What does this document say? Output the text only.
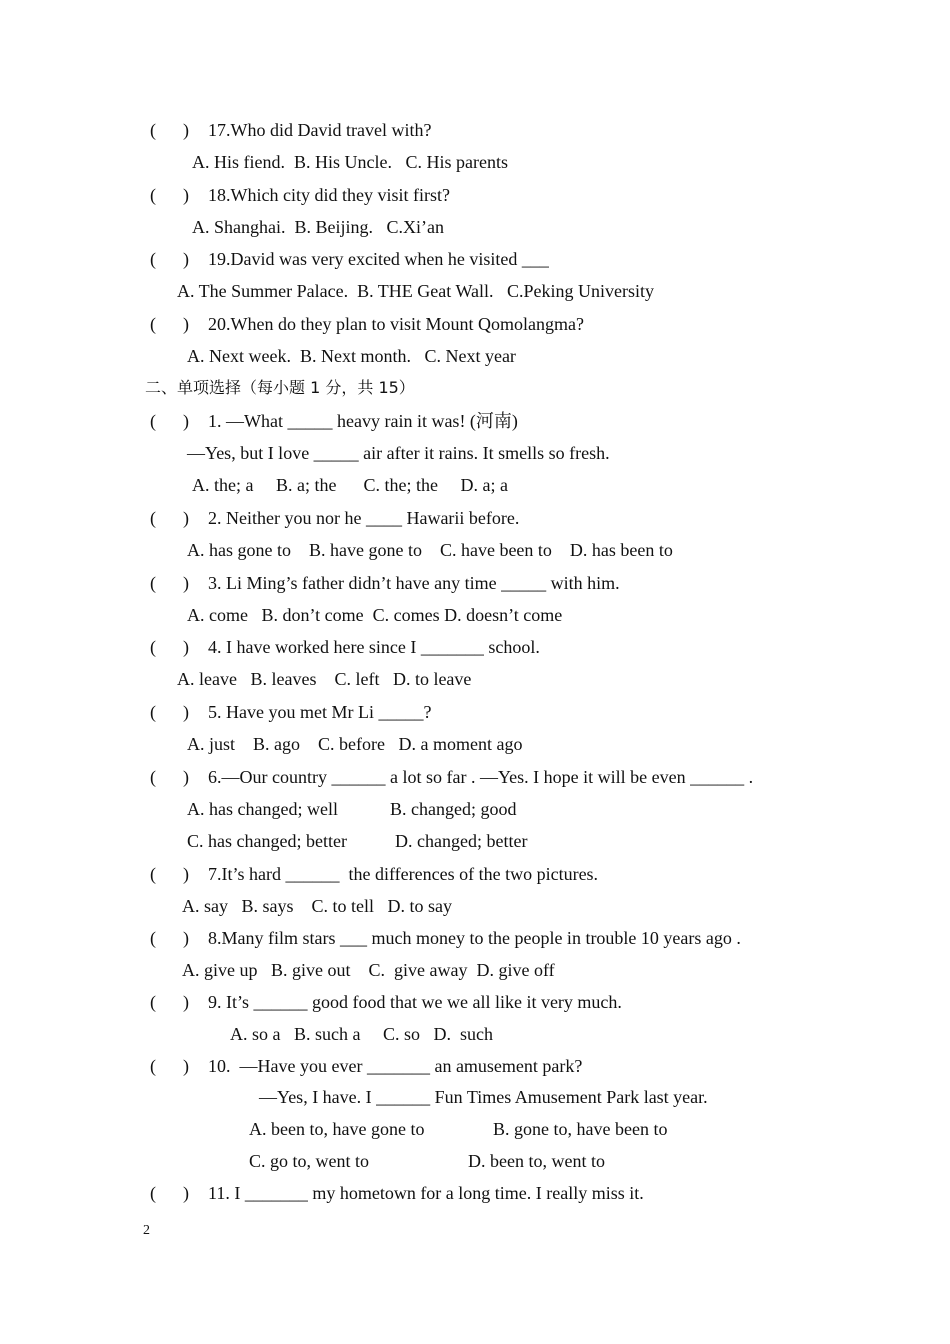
(      ) 17.Who did David travel with?
A. His fiend.  B. His Uncle.   C. His parents
(      ) 18.Which city did they visit first?
A. Shanghai.  B. Beijing.   C.Xi’an
(      ) 19.David was very excited when he visited ___
A. The Summer Palace.  B. THE Geat Wall.   C.Peking University
(      ) 20.When do they plan to visit Mount Qomolangma?
A. Next week.  B. Next month.   C. Next year
二、单项选择（每小题 1 分，共 15）
(      ) 1. —What _____ heavy rain it was! (河南)
—Yes, but I love _____ air after it rains. It smells so fresh.
A. the; a     B. a; the      C. the; the     D. a; a
(      ) 2. Neither you nor he ____ Hawarii before.
A. has gone to    B. have gone to    C. have been to    D. has been to
(      ) 3. Li Ming’s father didn’t have any time _____ with him.
A. come   B. don’t come  C. comes D. doesn’t come
(      ) 4. I have worked here since I _______ school.
A. leave   B. leaves    C. left   D. to leave
(      ) 5. Have you met Mr Li _____?
A. just    B. ago    C. before   D. a moment ago
(      ) 6.—Our country ______ a lot so far . —Yes. I hope it will be even ______ .
A. has changed; well	B. changed; good
C. has changed; better	D. changed; better
(      ) 7.It’s hard ______  the differences of the two pictures.
A. say   B. says    C. to tell   D. to say
(      ) 8.Many film stars ___ much money to the people in trouble 10 years ago .
A. give up   B. give out    C.  give away  D. give off
(      ) 9. It’s ______ good food that we we all like it very much.
A. so a   B. such a     C. so   D.  such
(      ) 10.  —Have you ever _______ an amusement park?
—Yes, I have. I ______ Fun Times Amusement Park last year.
A. been to, have gone to	B. gone to, have been to
C. go to, went to	D. been to, went to
(      ) 11. I _______ my hometown for a long time. I really miss it.
2
